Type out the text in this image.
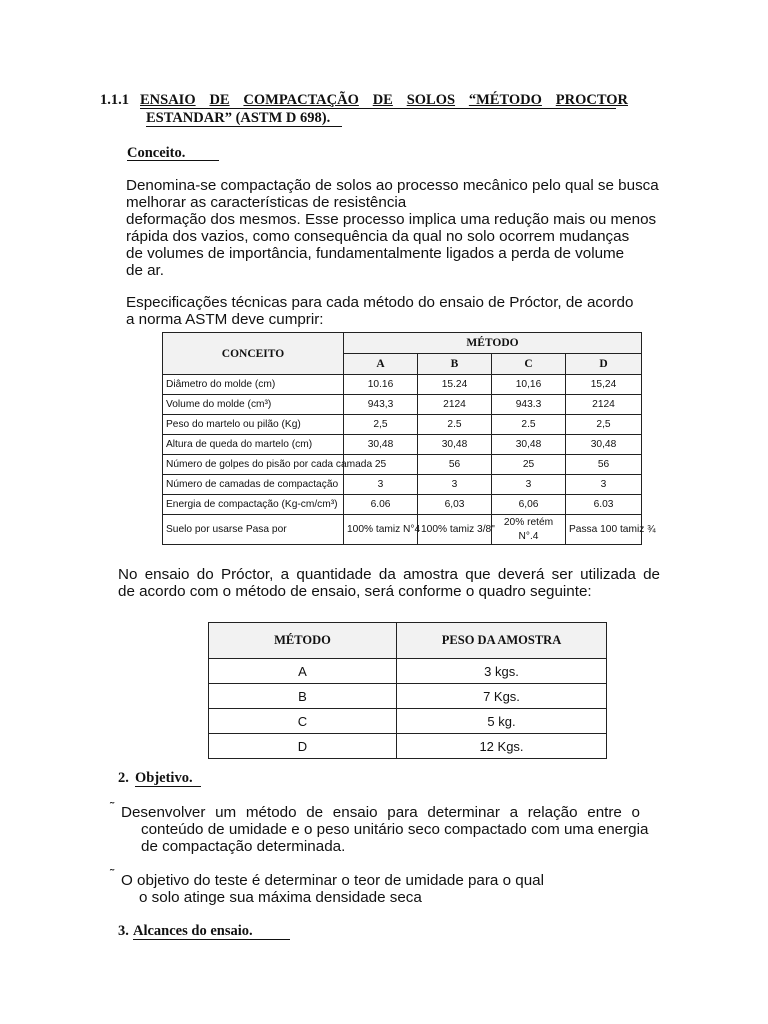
1.1.1 ENSAIO DE COMPACTAÇÃO DE SOLOS “MÉTODO PROCTOR
ESTANDAR” (ASTM D 698).
Conceito.
Denomina-se compactação de solos ao processo mecânico pelo qual se busca
melhorar as características de resistência
deformação dos mesmos. Esse processo implica uma redução mais ou menos
rápida dos vazios, como consequência da qual no solo ocorrem mudanças
de volumes de importância, fundamentalmente ligados a perda de volume
de ar.
Especificações técnicas para cada método do ensaio de Próctor, de acordo
a norma ASTM deve cumprir:
CONCEITO	MÉTODO			
	A	B	C	D
Diâmetro do molde (cm)	10.16	15.24	10,16	15,24
Volume do molde (cm³)	943,3	2124	943.3	2124
Peso do martelo ou pilão (Kg)	2,5	2.5	2.5	2,5
Altura de queda do martelo (cm)	30,48	30,48	30,48	30,48
Número de golpes do pisão por cada camada	25	56	25	56
Número de camadas de compactação	3	3	3	3
Energia de compactação (Kg-cm/cm³)	6.06	6,03	6,06	6.03
Suelo por usarse Pasa por	100% tamiz N°4	100% tamiz 3/8"	20% retém
N°.4	Passa 100 tamiz ¾
No ensaio do Próctor, a quantidade da amostra que deverá ser utilizada de
de acordo com o método de ensaio, será conforme o quadro seguinte:
MÉTODO	PESO DA AMOSTRA
A	3 kgs.
B	7 Kgs.
C	5 kg.
D	12 Kgs.
2. Objetivo.
˜ Desenvolver um método de ensaio para determinar a relação entre o
conteúdo de umidade e o peso unitário seco compactado com uma energia
de compactação determinada.
˜ O objetivo do teste é determinar o teor de umidade para o qual
o solo atinge sua máxima densidade seca
3. Alcances do ensaio.
